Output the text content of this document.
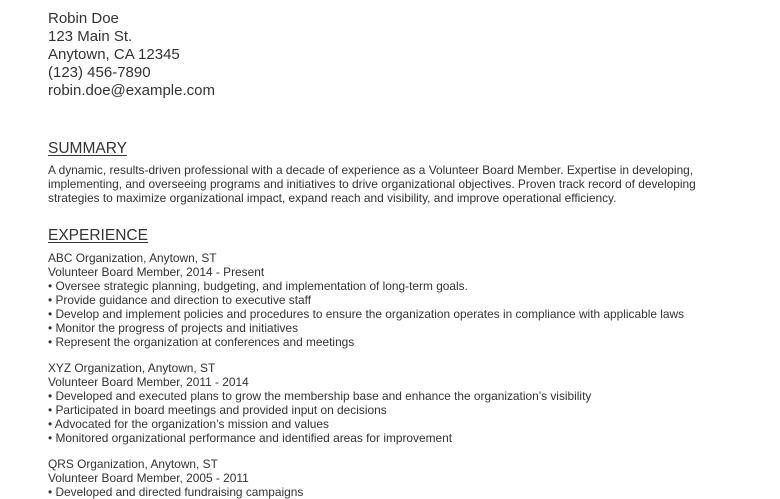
Robin Doe
123 Main St.
Anytown, CA 12345
(123) 456-7890
robin.doe@example.com
SUMMARY
A dynamic, results-driven professional with a decade of experience as a Volunteer Board Member. Expertise in developing, implementing, and overseeing programs and initiatives to drive organizational objectives. Proven track record of developing strategies to maximize organizational impact, expand reach and visibility, and improve operational efficiency.
EXPERIENCE
ABC Organization, Anytown, ST
Volunteer Board Member, 2014 - Present
• Oversee strategic planning, budgeting, and implementation of long-term goals.
• Provide guidance and direction to executive staff
• Develop and implement policies and procedures to ensure the organization operates in compliance with applicable laws
• Monitor the progress of projects and initiatives
• Represent the organization at conferences and meetings
XYZ Organization, Anytown, ST
Volunteer Board Member, 2011 - 2014
• Developed and executed plans to grow the membership base and enhance the organization’s visibility
• Participated in board meetings and provided input on decisions
• Advocated for the organization’s mission and values
• Monitored organizational performance and identified areas for improvement
QRS Organization, Anytown, ST
Volunteer Board Member, 2005 - 2011
• Developed and directed fundraising campaigns
